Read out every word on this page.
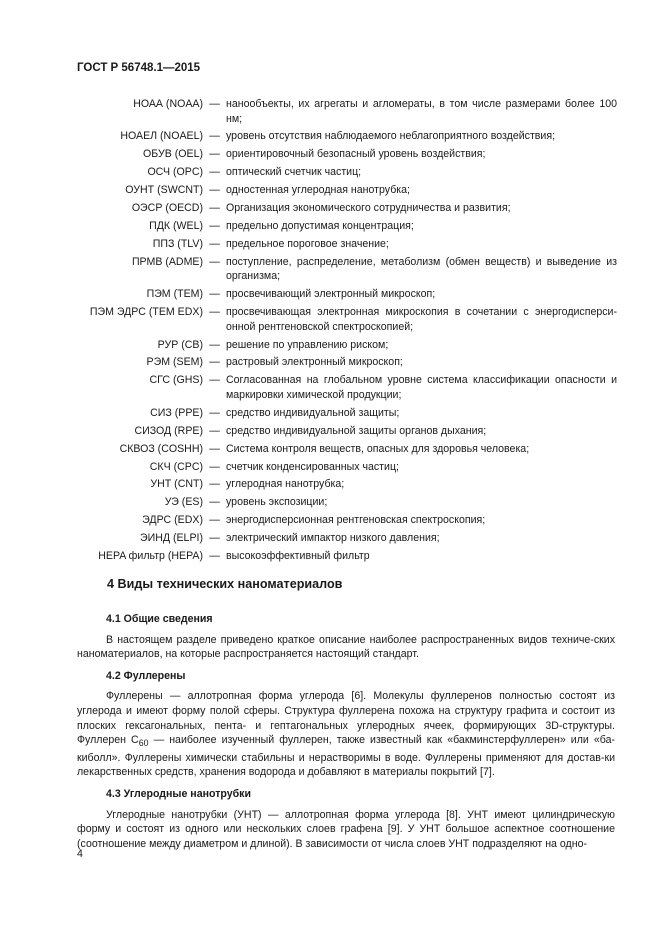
ГОСТ Р 56748.1—2015
НОАА (NOAA) — нанообъекты, их агрегаты и агломераты, в том числе размерами более 100 нм;
НОАЕЛ (NOAEL) — уровень отсутствия наблюдаемого неблагоприятного воздействия;
ОБУВ (OEL) — ориентировочный безопасный уровень воздействия;
ОСЧ (OPC) — оптический счетчик частиц;
ОУНТ (SWCNT) — одностенная углеродная нанотрубка;
ОЭСР (OECD) — Организация экономического сотрудничества и развития;
ПДК (WEL) — предельно допустимая концентрация;
ППЗ (TLV) — предельное пороговое значение;
ПРМВ (ADME) — поступление, распределение, метаболизм (обмен веществ) и выведение из организма;
ПЭМ (TEM) — просвечивающий электронный микроскоп;
ПЭМ ЭДРС (TEM EDX) — просвечивающая электронная микроскопия в сочетании с энергодисперси-онной рентгеновской спектроскопией;
РУР (CB) — решение по управлению риском;
РЭМ (SEM) — растровый электронный микроскоп;
СГС (GHS) — Согласованная на глобальном уровне система классификации опасности и маркировки химической продукции;
СИЗ (PPE) — средство индивидуальной защиты;
СИЗОД (RPE) — средство индивидуальной защиты органов дыхания;
СКВОЗ (COSHH) — Система контроля веществ, опасных для здоровья человека;
СКЧ (CPC) — счетчик конденсированных частиц;
УНТ (CNT) — углеродная нанотрубка;
УЭ (ES) — уровень экспозиции;
ЭДРС (EDX) — энергодисперсионная рентгеновская спектроскопия;
ЭИНД (ELPI) — электрический импактор низкого давления;
HEPA фильтр (HEPA) — высокоэффективный фильтр
4 Виды технических наноматериалов

4.1 Общие сведения

В настоящем разделе приведено краткое описание наиболее распространенных видов техниче-ских наноматериалов, на которые распространяется настоящий стандарт.

4.2 Фуллерены

Фуллерены — аллотропная форма углерода [6]. Молекулы фуллеренов полностью состоят из углерода и имеют форму полой сферы. Структура фуллерена похожа на структуру графита и состоит из плоских гексагональных, пента- и гептагональных углеродных ячеек, формирующих 3D-структуры. Фуллерен $C_{60}$ — наиболее изученный фуллерен, также известный как «бакминстерфуллерен» или «ба-киболл». Фуллерены химически стабильны и нерастворимы в воде. Фуллерены применяют для достав-ки лекарственных средств, хранения водорода и добавляют в материалы покрытий [7].

4.3 Углеродные нанотрубки

Углеродные нанотрубки (УНТ) — аллотропная форма углерода [8]. УНТ имеют цилиндрическую форму и состоят из одного или нескольких слоев графена [9]. У УНТ большое аспектное соотношение (соотношение между диаметром и длиной). В зависимости от числа слоев УНТ подразделяют на одно-

4
